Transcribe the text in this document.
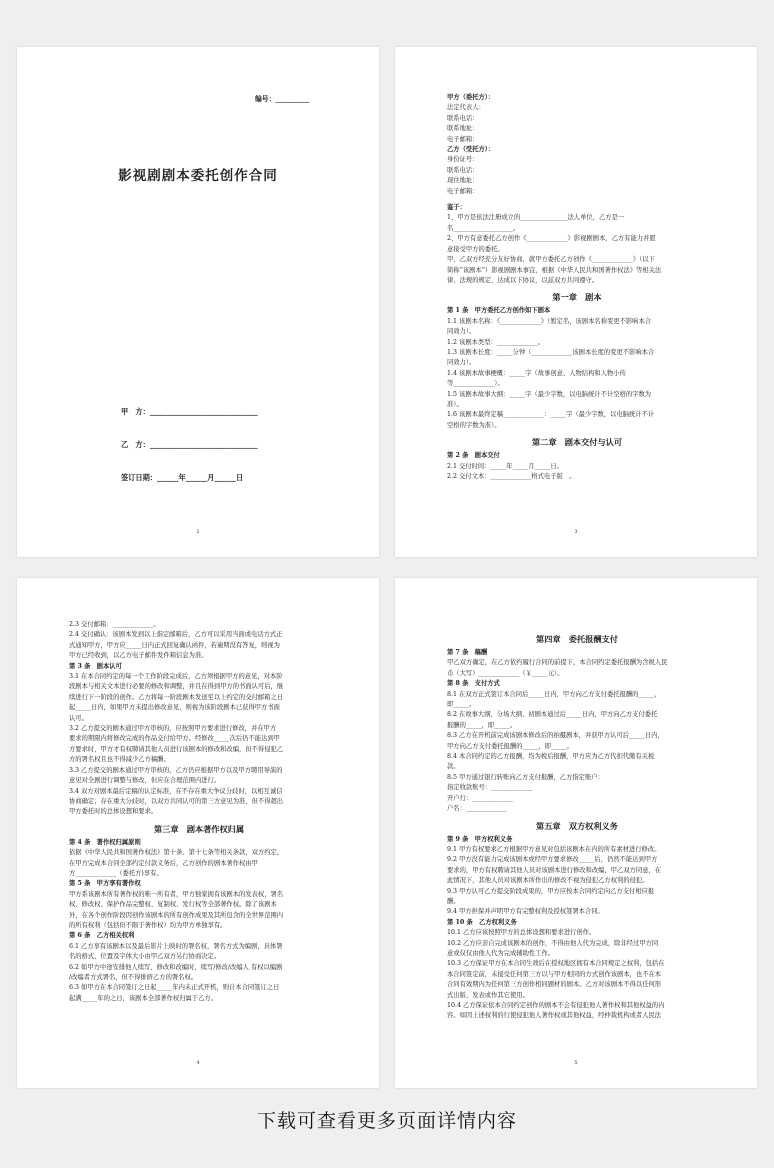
编号：__________
影视剧剧本委托创作合同
甲　方：______________________________
乙　方：______________________________
签订日期：______年______月______日
2

甲方（委托方）：

法定代表人：

联系电话：

联系地址：

电子邮箱：

乙方（受托方）：

身份证号：

联系电话：

现住地址：

电子邮箱：

鉴于：

1、甲方是依法注册成立的_______________法人单位，乙方是一

名___________________。

2、甲方有意委托乙方创作《_____________》影视剧剧本，乙方有能力并愿

意接受甲方的委托。

甲、乙双方经充分友好协商，就甲方委托乙方创作《_____________》（以下

简称“该剧本”）影视剧剧本事宜，根据《中华人民共和国著作权法》等相关法

律、法规的规定，达成以下协议，以兹双方共同遵守。

第一章　剧本

第 1 条　甲方委托乙方创作如下剧本

1.1 该剧本名称：《_____________》（暂定名，该剧本名称变更不影响本合

同效力）。

1.2 该剧本类型：_____________。

1.3 该剧本长度：_____分钟（_____________该剧本长度的变更不影响本合

同效力）。

1.4 该剧本故事梗概：_____字（故事创意、人物结构和人物小传

等_____________）。

1.5 该剧本故事大纲：_____字（最少字数，以电脑统计不计空格的字数为

准）。

1.6 该剧本最终定稿_____________：_____字（最少字数，以电脑统计不计

空格的字数为准）。

第二章　剧本交付与认可

第 2 条　剧本交付

2.1 交付时间：_____年_____月_____日。

2.2 交付文本：_____________格式电子版　。

3

2.3 交付邮箱：_____________。

2.4 交付确认：该剧本发到以上指定邮箱后，乙方可以采用当面或电话方式正

式通知甲方，甲方应_____日内正式回复确认函件，若逾期没有答复，则视为

甲方已经收到，以乙方电子邮件发件箱信息为准。

第 3 条　剧本认可

3.1 在本合同约定的每一个工作阶段完成后，乙方须根据甲方的意见，对本阶

段剧本与相关文本进行必要的修改和调整，并且在得到甲方的书面认可后，继

续进行下一阶段的创作。乙方将每一阶段剧本发送至以上约定的交付邮箱之日

起_____日内，如果甲方未提出修改意见，则视为该阶段剧本已获得甲方书面

认可。

3.2 乙方提交的剧本通过甲方审核的，应按照甲方要求进行修改，并在甲方

要求的期限内将修改完成的作品交付给甲方。经修改_____次后仍不能达到甲

方要求时，甲方才有权聘请其他人员进行该剧本的修改和改编，但不得侵犯乙

方的署名权且也不得减少乙方稿酬。

3.3 乙方提交的剧本通过甲方审核的，乙方仍应根据甲方以及甲方聘用导演的

意见对全剧进行调整与修改，但应在合理范围内进行。

3.4 双方对剧本最后定稿的认定标准，在不存在重大争议分歧时，以相互诚信

协商确定；存在重大分歧时，以双方共同认可的第三方意见为准，但不得超出

甲方委托时的总体设想和要求。

第三章　剧本著作权归属

第 4 条　著作权归属原则

依据《中华人民共和国著作权法》第十条、第十七条等相关条款，双方约定，

在甲方完成本合同全部约定付款义务后，乙方创作的剧本著作权由甲

方_____________（委托方)享有。

第 5 条　甲方享有著作权

甲方系该剧本所有著作权的唯一所有者，甲方独家拥有该剧本的发表权、署名

权、修改权、保护作品完整权、复制权、发行权等全部著作权。除了该剧本

外，在各个创作阶段因创作该剧本的所有创作成果及其所包含的全世界范围内

的所有权利（包括但不限于著作权）均为甲方单独享有。

第 6 条　乙方相关权利

6.1 乙方享有该剧本以及最后影片上映时的署名权，署名方式为编剧，具体署

名的格式、位置及字体大小由甲乙双方另行协商决定。

6.2 如甲方中途安排他人续写、修改和改编时，续写/修改/改编人 有权以编剧

/改编者方式署名，但不得排挤乙方的署名权。

6.3 如甲方在本合同签订之日起_____年内未正式开机，则自本合同签订之日

起满_____年的之日，该剧本全部著作权归属于乙方。

4

第四章　委托报酬支付

第 7 条　稿酬

甲乙双方确定，在乙方依约履行合同的前提下，本合同约定委托报酬为含税人民

币（大写）_____________（￥_____元）。

第 8 条　支付方式

8.1 在双方正式签订本合同后_____日内，甲方向乙方支付委托报酬的_____，

即_____。

8.2 在故事大纲、分场大纲、初剧本通过后_____日内，甲方向乙方支付委托

报酬的_____，即_____。

8.3 乙方在开机前完成该剧本修改后的拍摄剧本，并获甲方认可后_____日内，

甲方向乙方支付委托报酬的_____，即_____。

8.4 本合同约定的乙方报酬，均为税后报酬，甲方应为乙方代扣代缴有关税

款。

8.5 甲方通过银行转账向乙方支付报酬，乙方指定账户：

指定收款账号：_____________

开户行：_____________

户名：_____________

第五章　双方权利义务

第 9 条　甲方权利义务

9.1 甲方有权要求乙方根据甲方意见对包括该剧本在内的所有素材进行修改。

9.2 甲方没有能力完成该剧本或经甲方要求修改_____后，仍然不能达到甲方

要求的，甲方有权聘请其他人员对该剧本进行修改和改编，甲乙双方同意，在

此情况下，其他人员对该剧本所作出的修改不视为侵犯乙方权利的侵犯。

9.3 甲方认可乙方提交阶段成果的，甲方应按本合同约定向乙方支付相应报

酬。

9.4 甲方担保并声明甲方有完整权利及授权签署本合同。

第 10 条　乙方权利义务

10.1 乙方应该按照甲方的总体设想和要求进行创作。

10.2 乙方应亲自完成该剧本的创作，不得由他人代为完成，除非经过甲方同

意或仅仅由他人代为完成辅助性工作。

10.3 乙方保证甲方在本合同生效后在授权地区拥有本合同规定之权利，包括在

本合同签定前，未接受任何第三方以与甲方相同的方式创作该剧本，也不在本

合同有效期内为任何第三方创作相同题材的剧本。乙方对该剧本不得以任何形

式出版、发表或作其它使用。

10.4 乙方保证依本合同约定创作的剧本不会有侵犯他人著作权和其他权益的内

容。如因上述权利的行使侵犯他人著作权或其他权益，经仲裁机构或者人民法

5
下载可查看更多页面详情内容
